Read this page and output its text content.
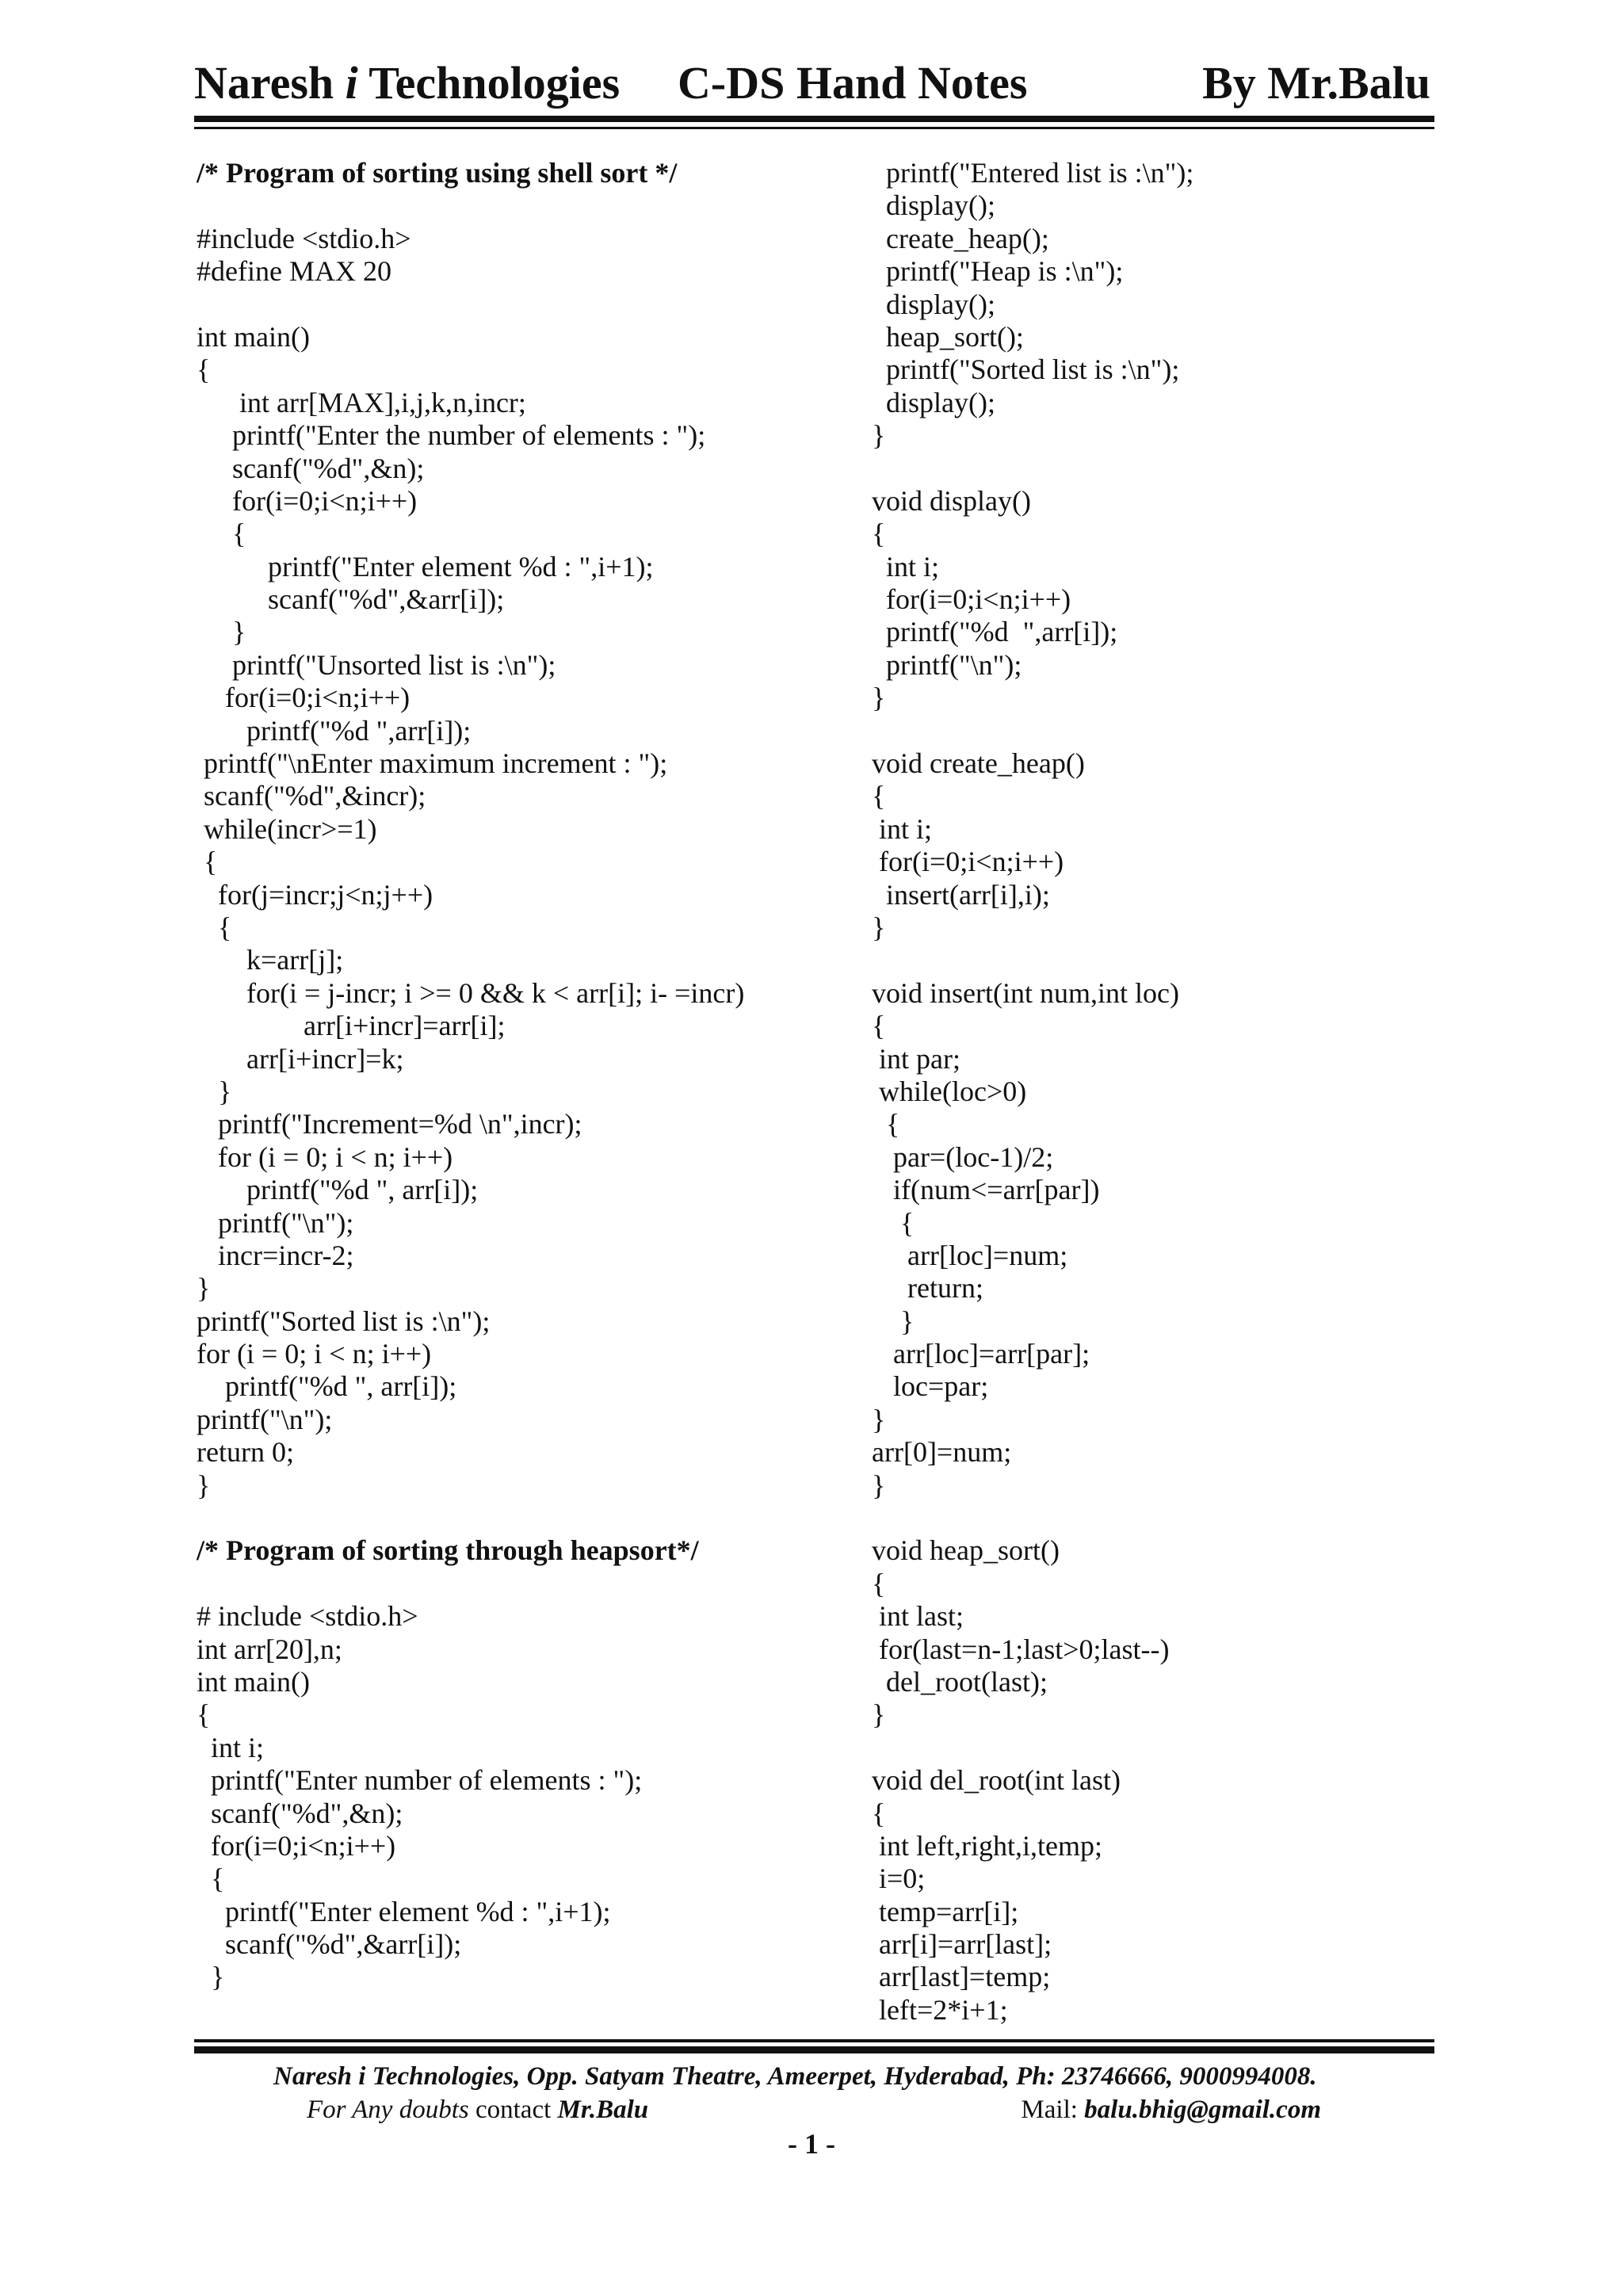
Naresh i Technologies C-DS Hand Notes	By Mr.Balu
/* Program of sorting using shell sort */
#include <stdio.h>
#define MAX 20
int main()
{
int arr[MAX],i,j,k,n,incr;
printf("Enter the number of elements : ");
scanf("%d",&n);
for(i=0;i<n;i++)
{
printf("Enter element %d : ",i+1);
scanf("%d",&arr[i]);
}
printf("Unsorted list is :\n");
for(i=0;i<n;i++)
printf("%d ",arr[i]);
printf("\nEnter maximum increment : ");
scanf("%d",&incr);
while(incr>=1)
{
for(j=incr;j<n;j++)
{
k=arr[j];
for(i = j-incr; i >= 0 && k < arr[i]; i- =incr)
arr[i+incr]=arr[i];
arr[i+incr]=k;
}
printf("Increment=%d \n",incr);
for (i = 0; i < n; i++)
printf("%d ", arr[i]);
printf("\n");
incr=incr-2;
}
printf("Sorted list is :\n");
for (i = 0; i < n; i++)
printf("%d ", arr[i]);
printf("\n");
return 0;
}
/* Program of sorting through heapsort*/
# include <stdio.h>
int arr[20],n;
int main()
{
int i;
printf("Enter number of elements : ");
scanf("%d",&n);
for(i=0;i<n;i++)
{
printf("Enter element %d : ",i+1);
scanf("%d",&arr[i]);
}
printf("Entered list is :\n");
display();
create_heap();
printf("Heap is :\n");
display();
heap_sort();
printf("Sorted list is :\n");
display();
}
void display()
{
int i;
for(i=0;i<n;i++)
printf("%d  ",arr[i]);
printf("\n");
}
void create_heap()
{
int i;
for(i=0;i<n;i++)
insert(arr[i],i);
}
void insert(int num,int loc)
{
int par;
while(loc>0)
{
par=(loc-1)/2;
if(num<=arr[par])
{
arr[loc]=num;
return;
}
arr[loc]=arr[par];
loc=par;
}
arr[0]=num;
}
void heap_sort()
{
int last;
for(last=n-1;last>0;last--)
del_root(last);
}
void del_root(int last)
{
int left,right,i,temp;
i=0;
temp=arr[i];
arr[i]=arr[last];
arr[last]=temp;
left=2*i+1;
Naresh i Technologies, Opp. Satyam Theatre, Ameerpet, Hyderabad, Ph: 23746666, 9000994008.
For Any doubts contact Mr.Balu	Mail: balu.bhig@gmail.com
- 1 -
